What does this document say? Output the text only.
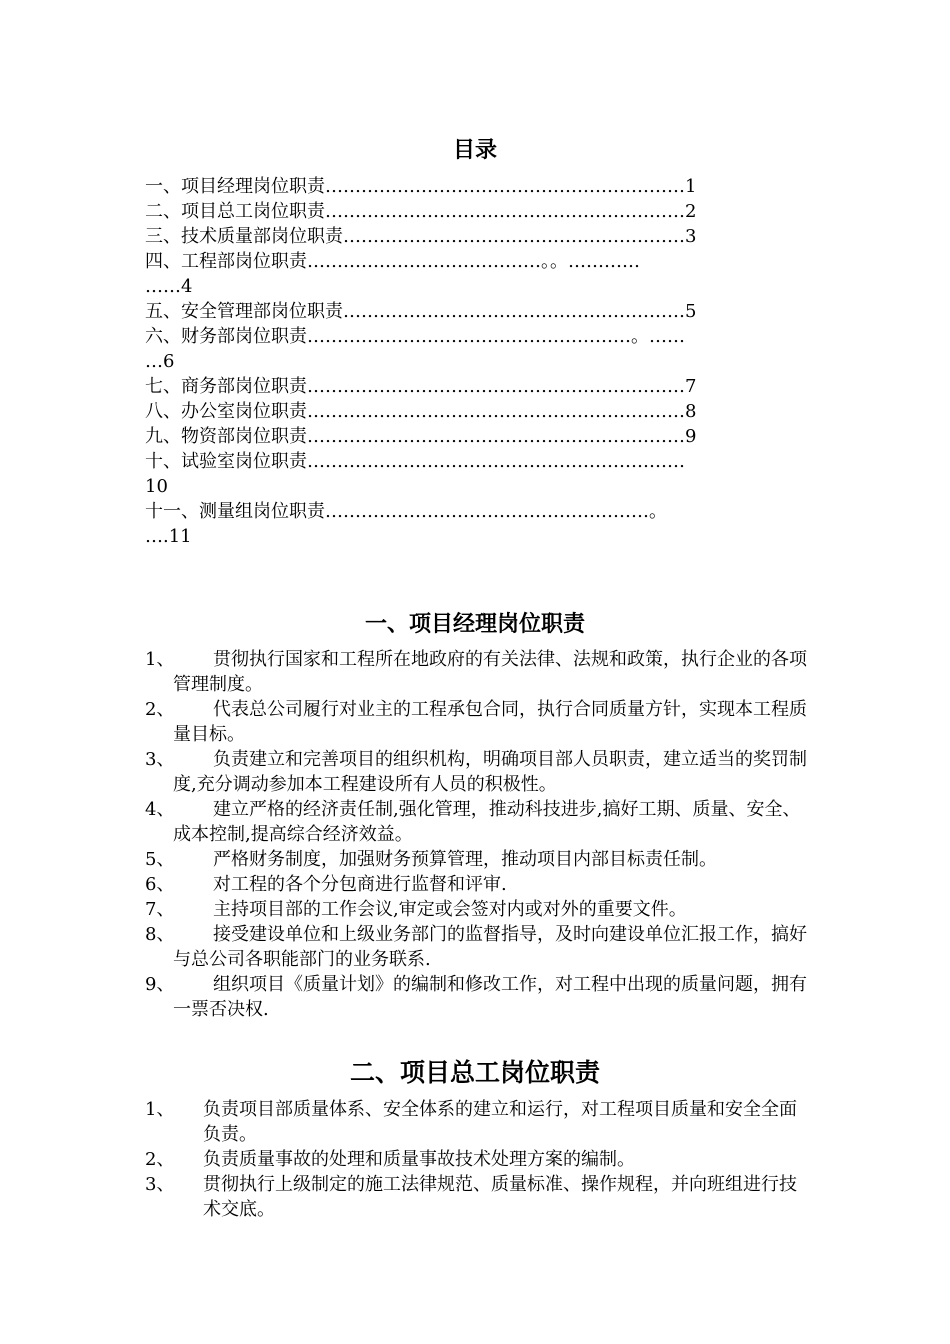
目录
一、项目经理岗位职责……………………………………………………1
二、项目总工岗位职责……………………………………………………2
三、技术质量部岗位职责…………………………………………………3
四、工程部岗位职责…………………………………。。…………
……4
五、安全管理部岗位职责…………………………………………………5
六、财务部岗位职责………………………………………………。……
…6
七、商务部岗位职责………………………………………………………7
八、办公室岗位职责………………………………………………………8
九、物资部岗位职责………………………………………………………9
十、试验室岗位职责………………………………………………………
10
十一、测量组岗位职责………………………………………………。
….11
一、项目经理岗位职责
1、	贯彻执行国家和工程所在地政府的有关法律、法规和政策，执行企业的各项管理制度。
2、	代表总公司履行对业主的工程承包合同，执行合同质量方针，实现本工程质量目标。
3、	负责建立和完善项目的组织机构，明确项目部人员职责，建立适当的奖罚制度,充分调动参加本工程建设所有人员的积极性。
4、	建立严格的经济责任制,强化管理，推动科技进步,搞好工期、质量、安全、成本控制,提高综合经济效益。
5、	严格财务制度，加强财务预算管理，推动项目内部目标责任制。
6、	对工程的各个分包商进行监督和评审.
7、	主持项目部的工作会议,审定或会签对内或对外的重要文件。
8、	接受建设单位和上级业务部门的监督指导，及时向建设单位汇报工作，搞好与总公司各职能部门的业务联系.
9、	组织项目《质量计划》的编制和修改工作，对工程中出现的质量问题，拥有一票否决权.
二、项目总工岗位职责
1、 负责项目部质量体系、安全体系的建立和运行，对工程项目质量和安全全面负责。
2、 负责质量事故的处理和质量事故技术处理方案的编制。
3、 贯彻执行上级制定的施工法律规范、质量标准、操作规程，并向班组进行技术交底。
